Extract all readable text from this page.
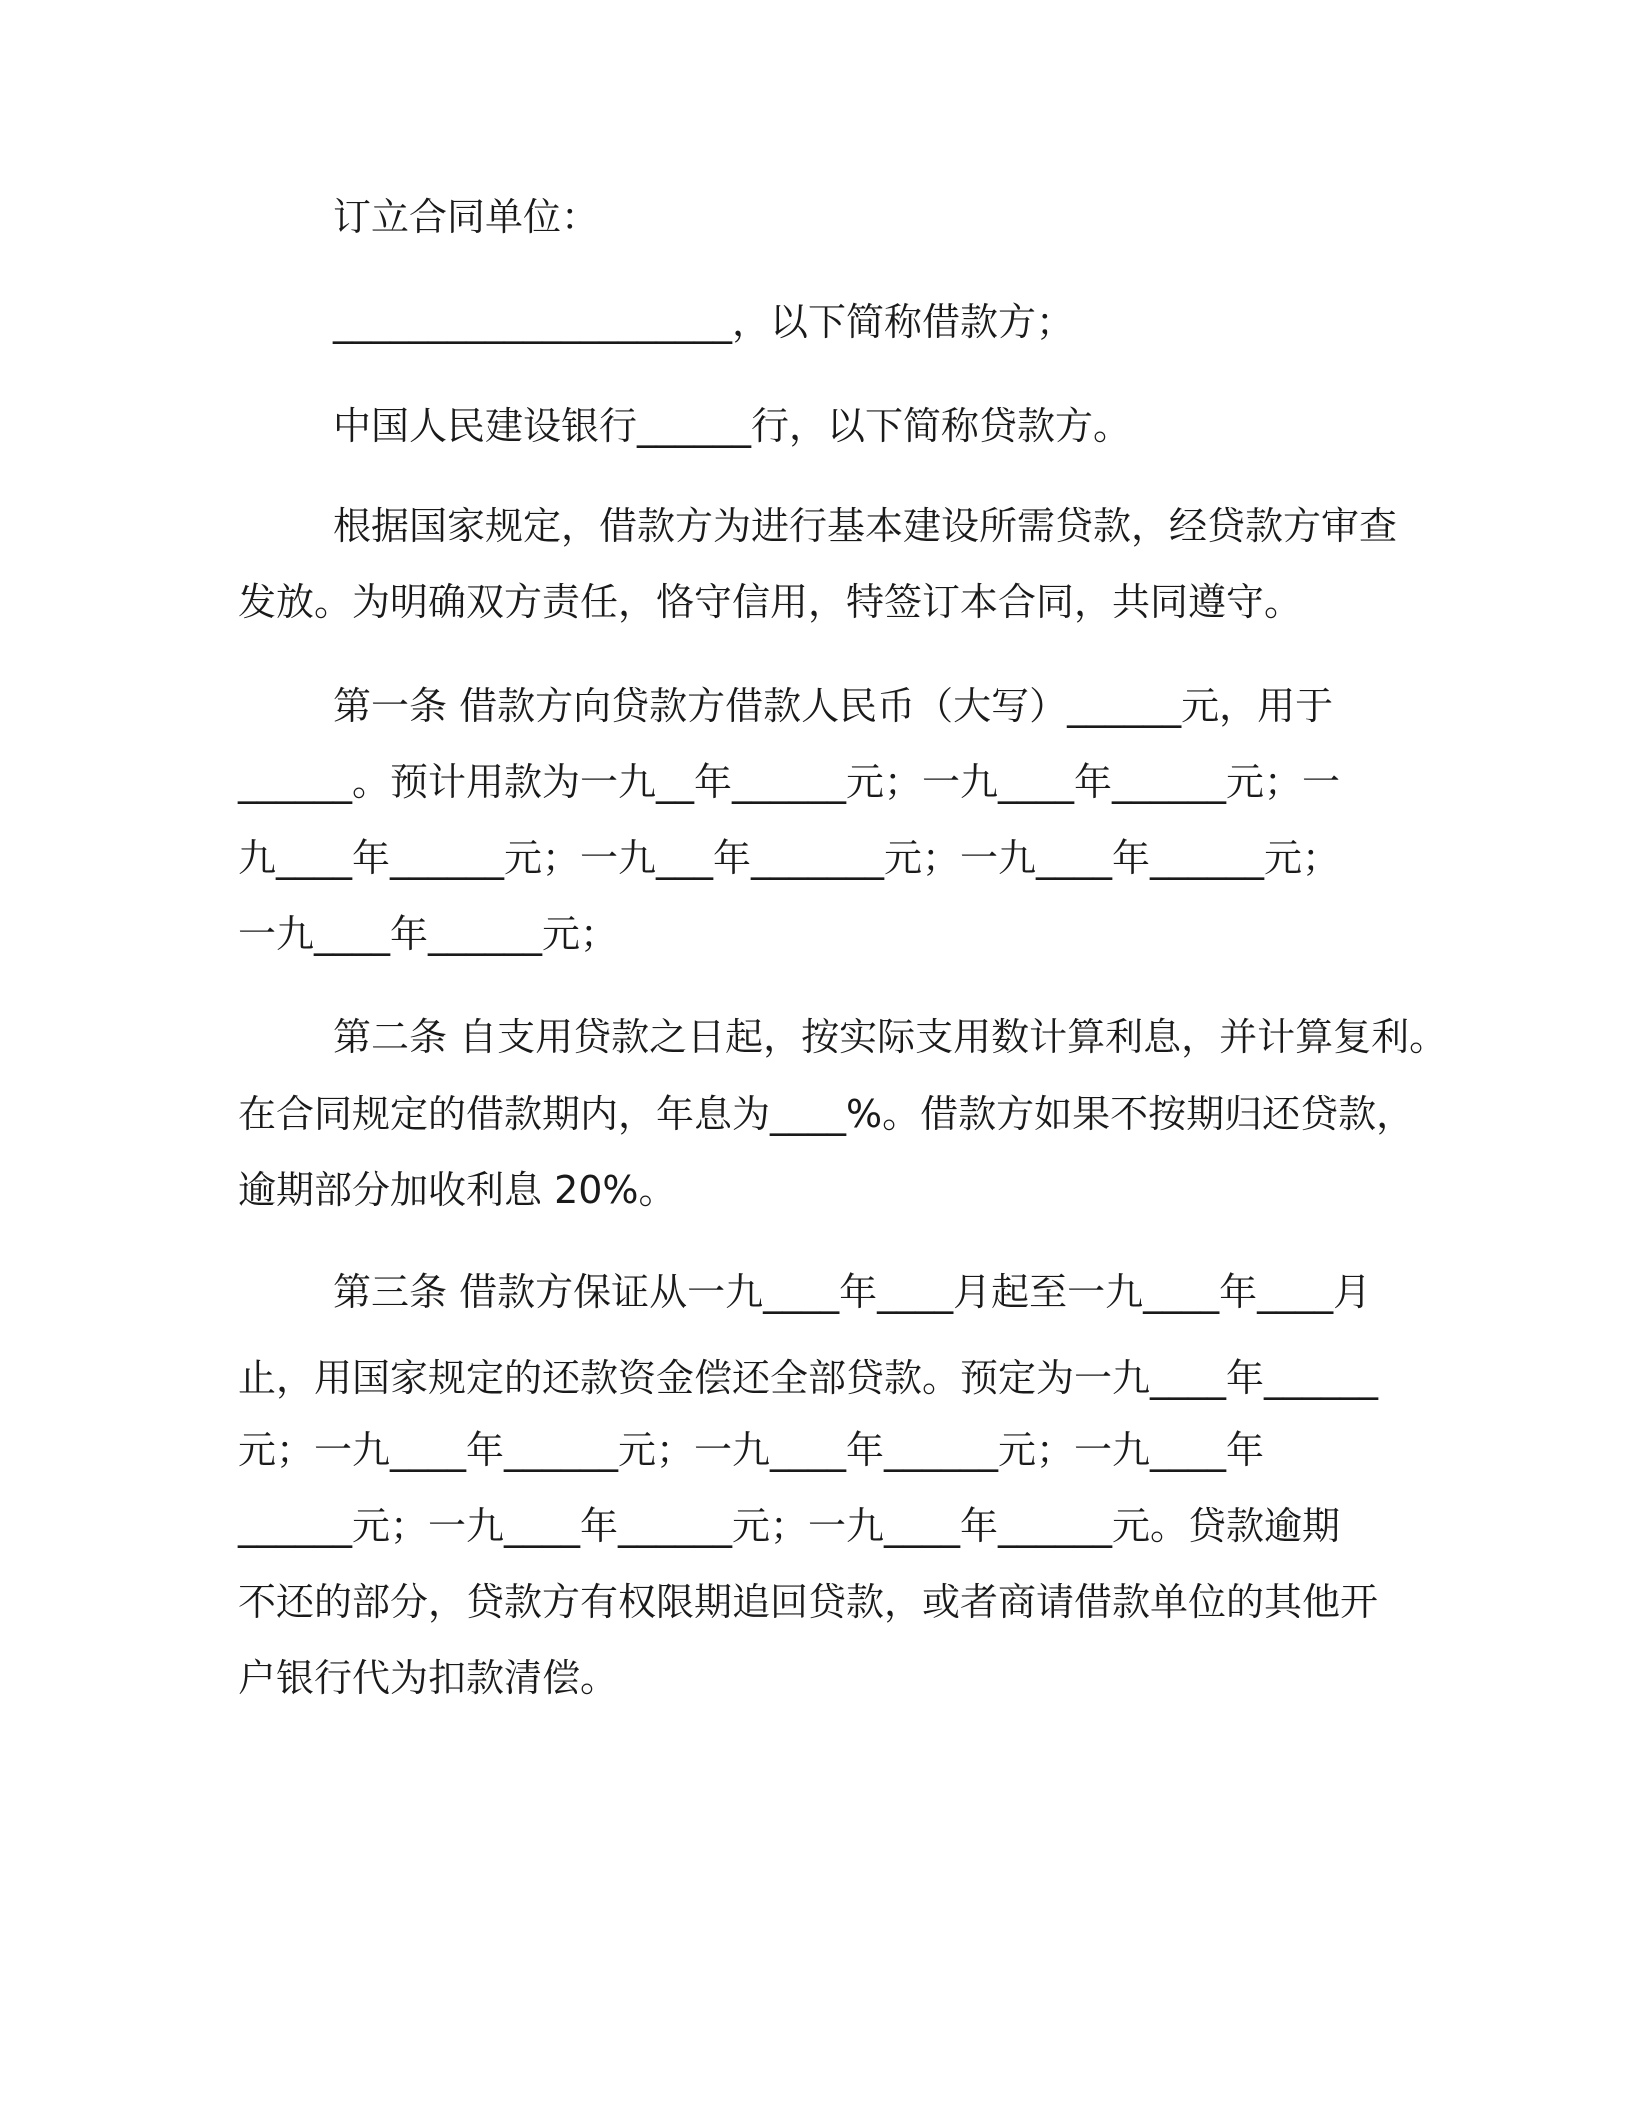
订立合同单位：

_____________________，以下简称借款方；

中国人民建设银行______行，以下简称贷款方。

根据国家规定，借款方为进行基本建设所需贷款，经贷款方审查

发放。为明确双方责任，恪守信用，特签订本合同，共同遵守。

第一条 借款方向贷款方借款人民币（大写）______元，用于

______。预计用款为一九__年______元；一九____年______元；一

九____年______元；一九___年_______元；一九____年______元；

一九____年______元；

第二条 自支用贷款之日起，按实际支用数计算利息，并计算复利。

在合同规定的借款期内，年息为____%。借款方如果不按期归还贷款，

逾期部分加收利息 20%。

第三条 借款方保证从一九____年____月起至一九____年____月

止，用国家规定的还款资金偿还全部贷款。预定为一九____年______

元；一九____年______元；一九____年______元；一九____年

______元；一九____年______元；一九____年______元。贷款逾期

不还的部分，贷款方有权限期追回贷款，或者商请借款单位的其他开

户银行代为扣款清偿。
